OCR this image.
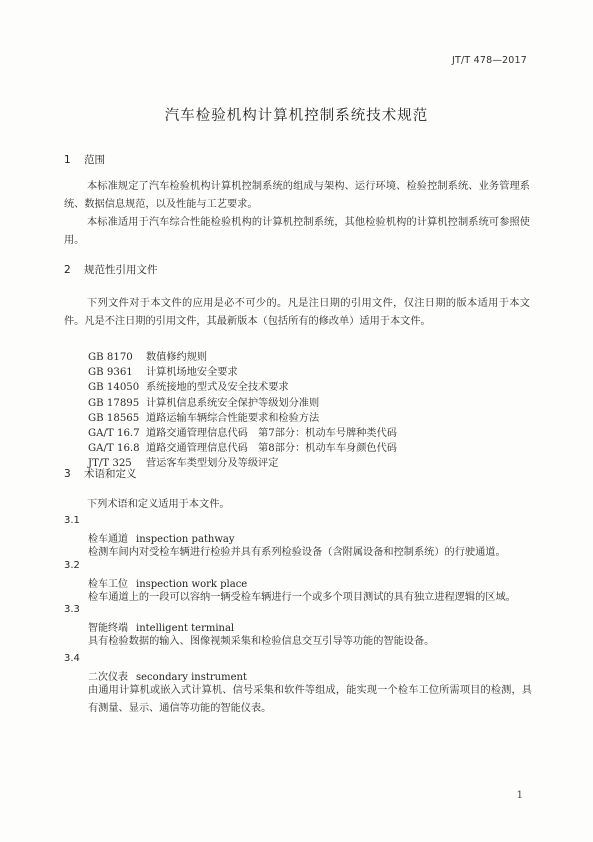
JT/T 478—2017
汽车检验机构计算机控制系统技术规范
1 范围
本标准规定了汽车检验机构计算机控制系统的组成与架构、运行环境、检验控制系统、业务管理系统、数据信息规范，以及性能与工艺要求。
本标准适用于汽车综合性能检验机构的计算机控制系统，其他检验机构的计算机控制系统可参照使用。
2 规范性引用文件
下列文件对于本文件的应用是必不可少的。凡是注日期的引用文件，仅注日期的版本适用于本文件。凡是不注日期的引用文件，其最新版本（包括所有的修改单）适用于本文件。
GB 8170 数值修约规则
GB 9361 计算机场地安全要求
GB 14050 系统接地的型式及安全技术要求
GB 17895 计算机信息系统安全保护等级划分准则
GB 18565 道路运输车辆综合性能要求和检验方法
GA/T 16.7 道路交通管理信息代码　第7部分：机动车号牌种类代码
GA/T 16.8 道路交通管理信息代码　第8部分：机动车车身颜色代码
JT/T 325 营运客车类型划分及等级评定
3 术语和定义
下列术语和定义适用于本文件。
3.1
检车通道 inspection pathway
检测车间内对受检车辆进行检验并具有系列检验设备（含附属设备和控制系统）的行驶通道。
3.2
检车工位 inspection work place
检车通道上的一段可以容纳一辆受检车辆进行一个或多个项目测试的具有独立进程逻辑的区域。
3.3
智能终端 intelligent terminal
具有检验数据的输入、图像视频采集和检验信息交互引导等功能的智能设备。
3.4
二次仪表 secondary instrument
由通用计算机或嵌入式计算机、信号采集和软件等组成，能实现一个检车工位所需项目的检测，具有测量、显示、通信等功能的智能仪表。
1
